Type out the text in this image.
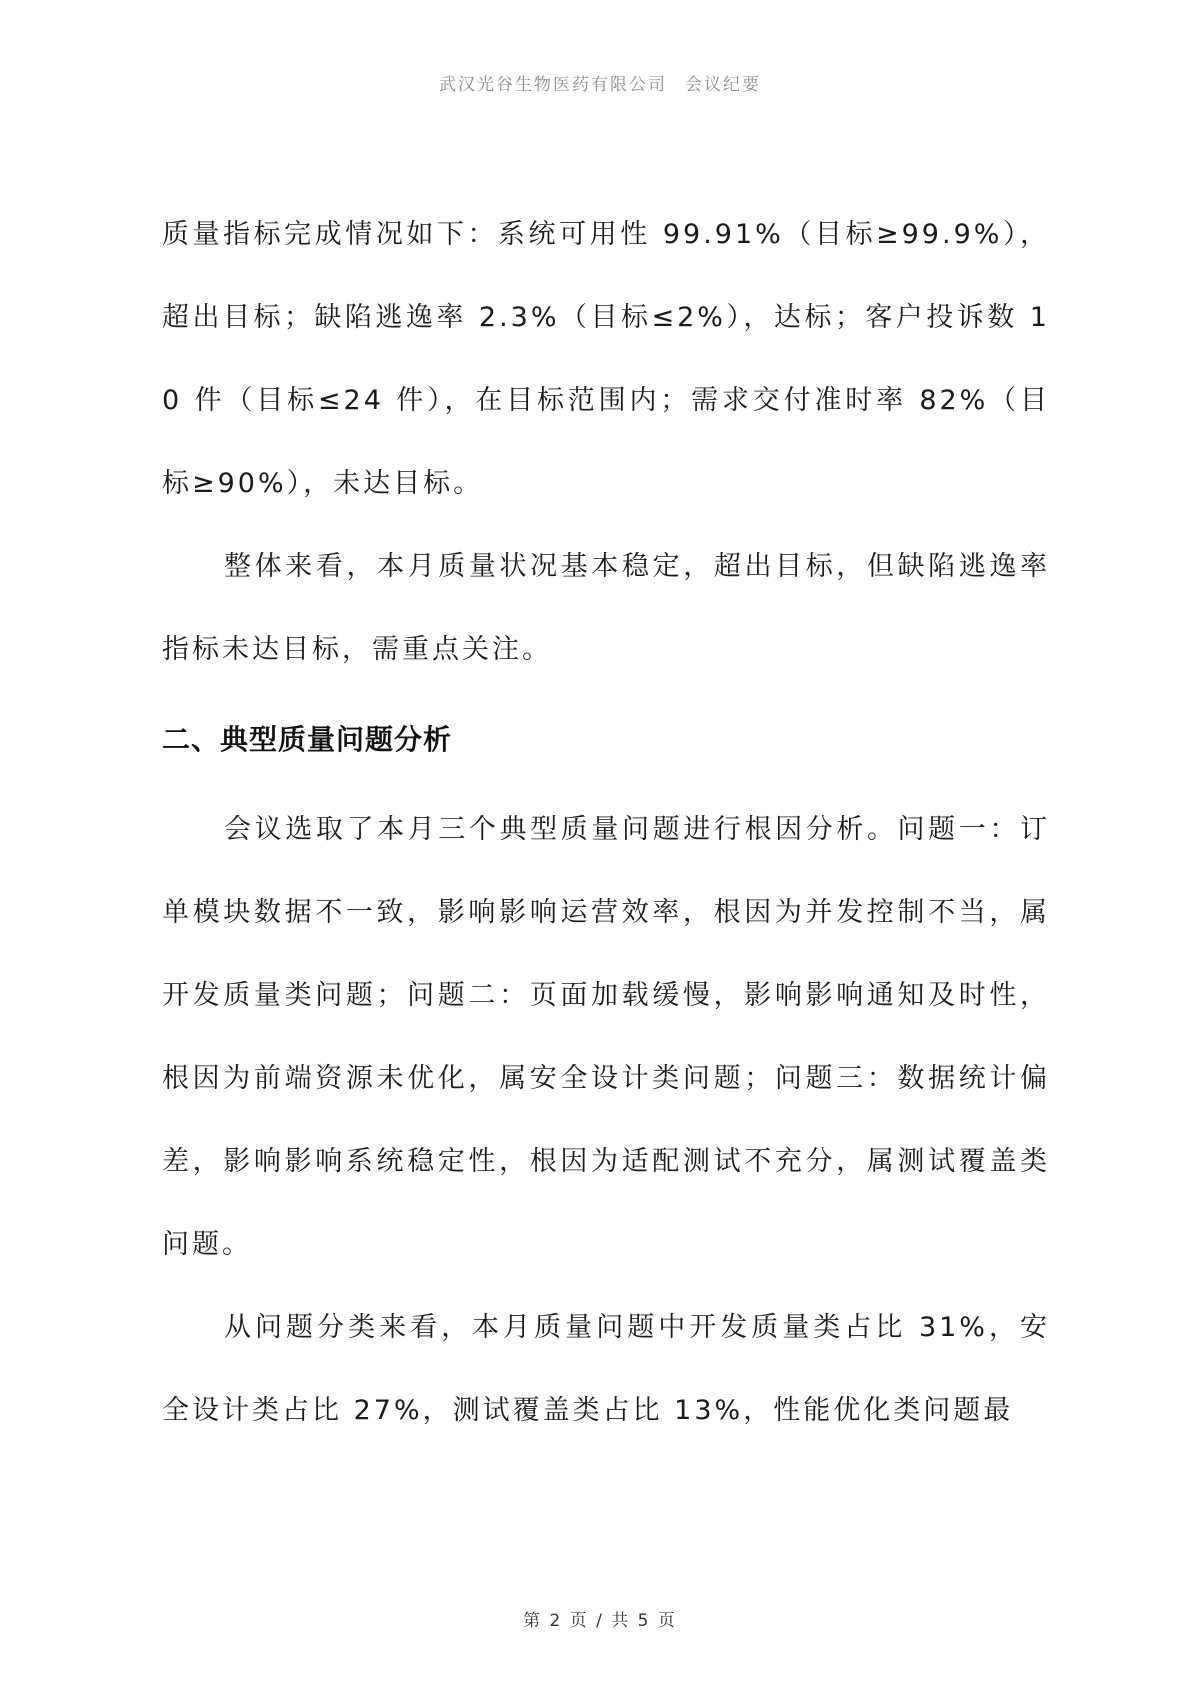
武汉光谷生物医药有限公司 会议纪要

质量指标完成情况如下：系统可用性 99.91%（目标≥99.9%），超出目标；缺陷逃逸率 2.3%（目标≤2%），达标；客户投诉数 10 件（目标≤24 件），在目标范围内；需求交付准时率 82%（目标≥90%），未达目标。

整体来看，本月质量状况基本稳定，超出目标，但缺陷逃逸率指标未达目标，需重点关注。

二、典型质量问题分析

会议选取了本月三个典型质量问题进行根因分析。问题一：订单模块数据不一致，影响影响运营效率，根因为并发控制不当，属开发质量类问题；问题二：页面加载缓慢，影响影响通知及时性，根因为前端资源未优化，属安全设计类问题；问题三：数据统计偏差，影响影响系统稳定性，根因为适配测试不充分，属测试覆盖类问题。

从问题分类来看，本月质量问题中开发质量类占比 31%，安全设计类占比 27%，测试覆盖类占比 13%，性能优化类问题最

第 2 页 / 共 5 页
